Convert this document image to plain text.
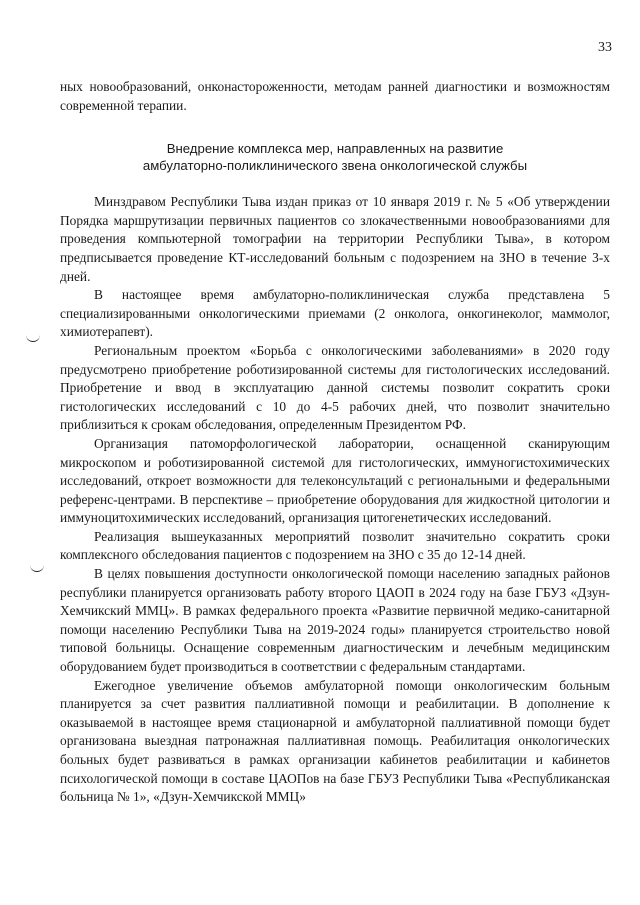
33

ных новообразований, онконастороженности, методам ранней диагностики и возможностям современной терапии.

Внедрение комплекса мер, направленных на развитие
амбулаторно-поликлинического звена онкологической службы

Минздравом Республики Тыва издан приказ от 10 января 2019 г. № 5 «Об утверждении Порядка маршрутизации первичных пациентов со злокачественными новообразованиями для проведения компьютерной томографии на территории Республики Тыва», в котором предписывается проведение КТ-исследований больным с подозрением на ЗНО в течение 3-х дней.

В настоящее время амбулаторно-поликлиническая служба представлена 5 специализированными онкологическими приемами (2 онколога, онкогинеколог, маммолог, химиотерапевт).

Региональным проектом «Борьба с онкологическими заболеваниями» в 2020 году предусмотрено приобретение роботизированной системы для гистологических исследований. Приобретение и ввод в эксплуатацию данной системы позволит сократить сроки гистологических исследований с 10 до 4-5 рабочих дней, что позволит значительно приблизиться к срокам обследования, определенным Президентом РФ.

Организация патоморфологической лаборатории, оснащенной сканирующим микроскопом и роботизированной системой для гистологических, иммуногистохимических исследований, откроет возможности для телеконсультаций с региональными и федеральными референс-центрами. В перспективе – приобретение оборудования для жидкостной цитологии и иммуноцитохимических исследований, организация цитогенетических исследований.

Реализация вышеуказанных мероприятий позволит значительно сократить сроки комплексного обследования пациентов с подозрением на ЗНО с 35 до 12-14 дней.

В целях повышения доступности онкологической помощи населению западных районов республики планируется организовать работу второго ЦАОП в 2024 году на базе ГБУЗ «Дзун-Хемчикский ММЦ». В рамках федерального проекта «Развитие первичной медико-санитарной помощи населению Республики Тыва на 2019-2024 годы» планируется строительство новой типовой больницы. Оснащение современным диагностическим и лечебным медицинским оборудованием будет производиться в соответствии с федеральным стандартами.

Ежегодное увеличение объемов амбулаторной помощи онкологическим больным планируется за счет развития паллиативной помощи и реабилитации. В дополнение к оказываемой в настоящее время стационарной и амбулаторной паллиативной помощи будет организована выездная патронажная паллиативная помощь. Реабилитация онкологических больных будет развиваться в рамках организации кабинетов реабилитации и кабинетов психологической помощи в составе ЦАОПов на базе ГБУЗ Республики Тыва «Республиканская больница № 1», «Дзун-Хемчикской ММЦ»
